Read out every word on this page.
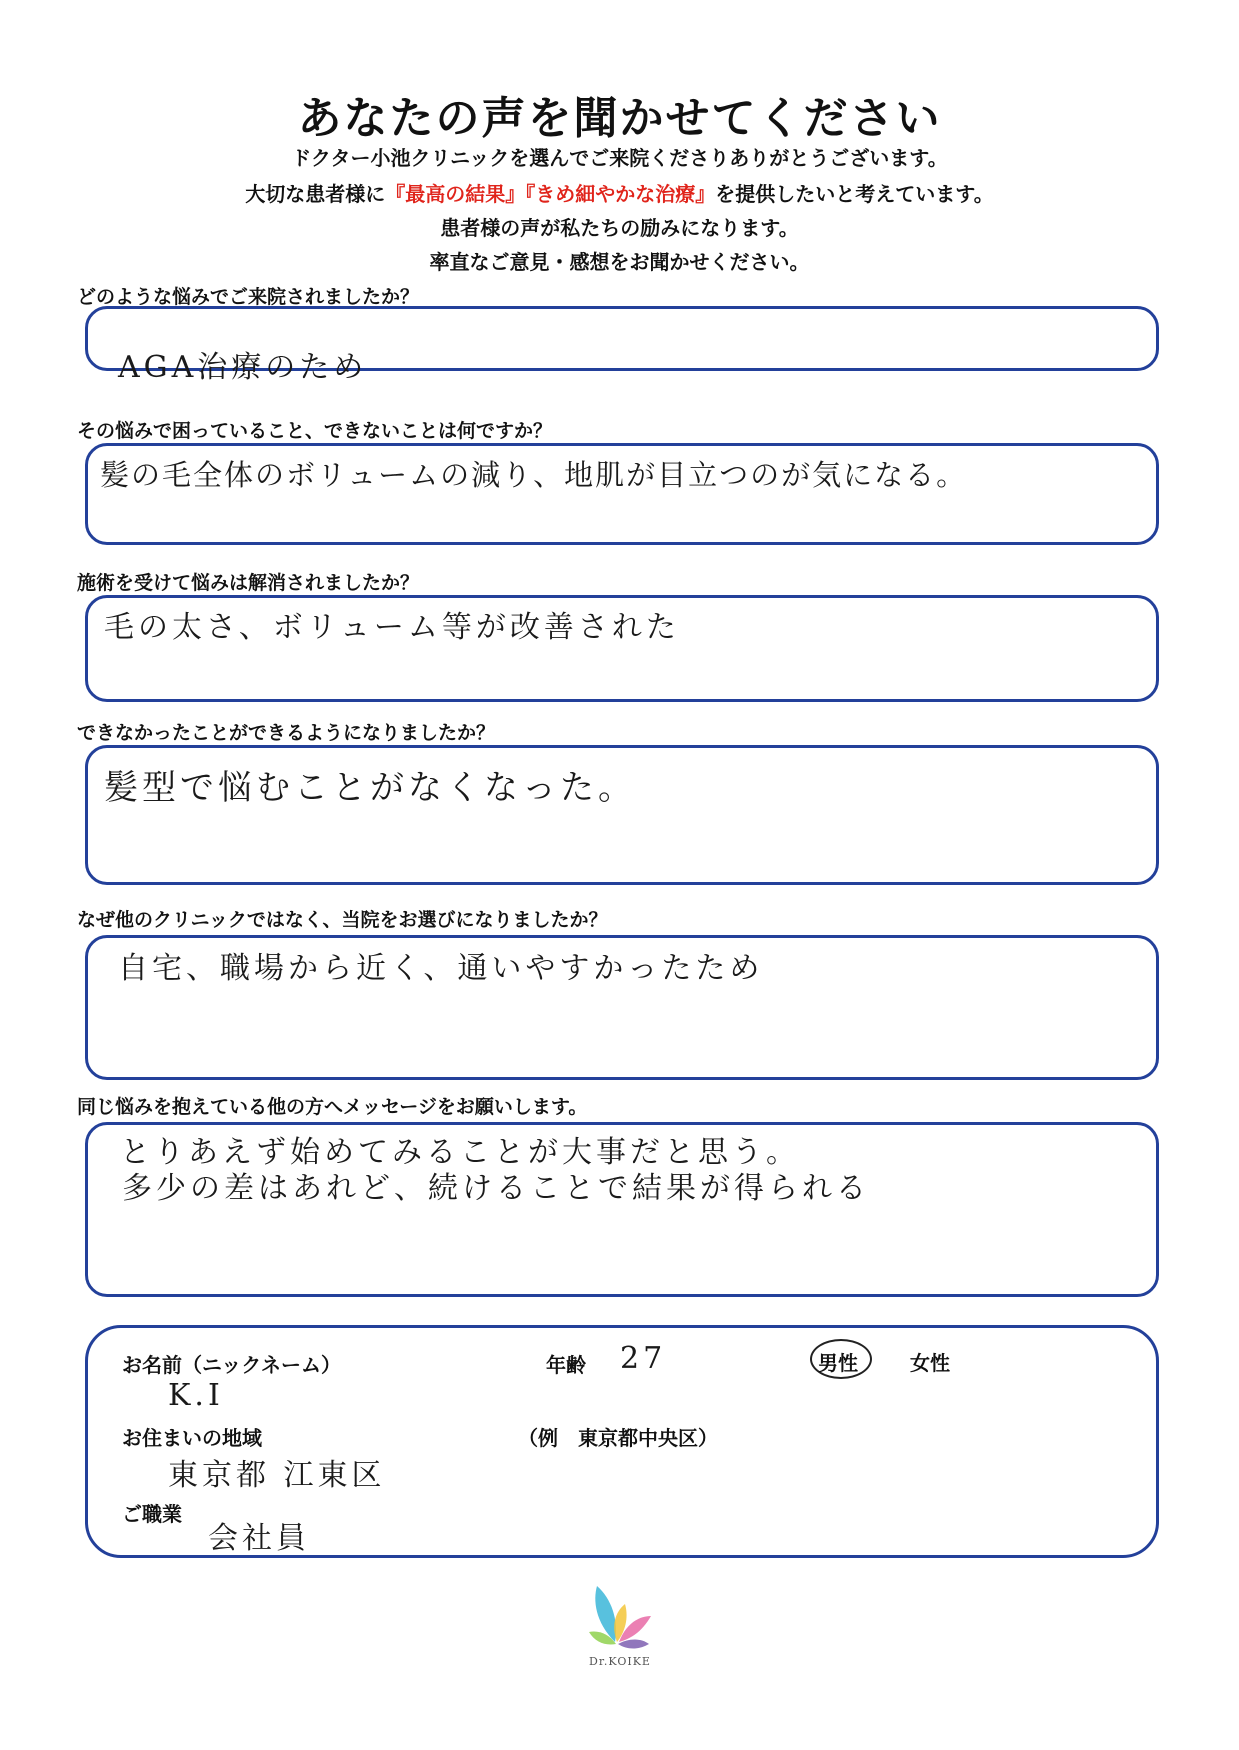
あなたの声を聞かせてください
ドクター小池クリニックを選んでご来院くださりありがとうございます。
大切な患者様に『最高の結果』『きめ細やかな治療』を提供したいと考えています。
患者様の声が私たちの励みになります。
率直なご意見・感想をお聞かせください。
どのような悩みでご来院されましたか？
AGA治療のため
その悩みで困っていること、できないことは何ですか？
髪の毛全体のボリュームの減り、地肌が目立つのが気になる。
施術を受けて悩みは解消されましたか？
毛の太さ、ボリューム等が改善された
できなかったことができるようになりましたか？
髪型で悩むことがなくなった。
なぜ他のクリニックではなく、当院をお選びになりましたか？
自宅、職場から近く、通いやすかったため
同じ悩みを抱えている他の方へメッセージをお願いします。
とりあえず始めてみることが大事だと思う。
多少の差はあれど、続けることで結果が得られる
お名前（ニックネーム）
K.I
年齢 27	男性	女性
お住まいの地域	（例　東京都中央区）
東京都 江東区
ご職業
会社員
Dr.KOIKE
